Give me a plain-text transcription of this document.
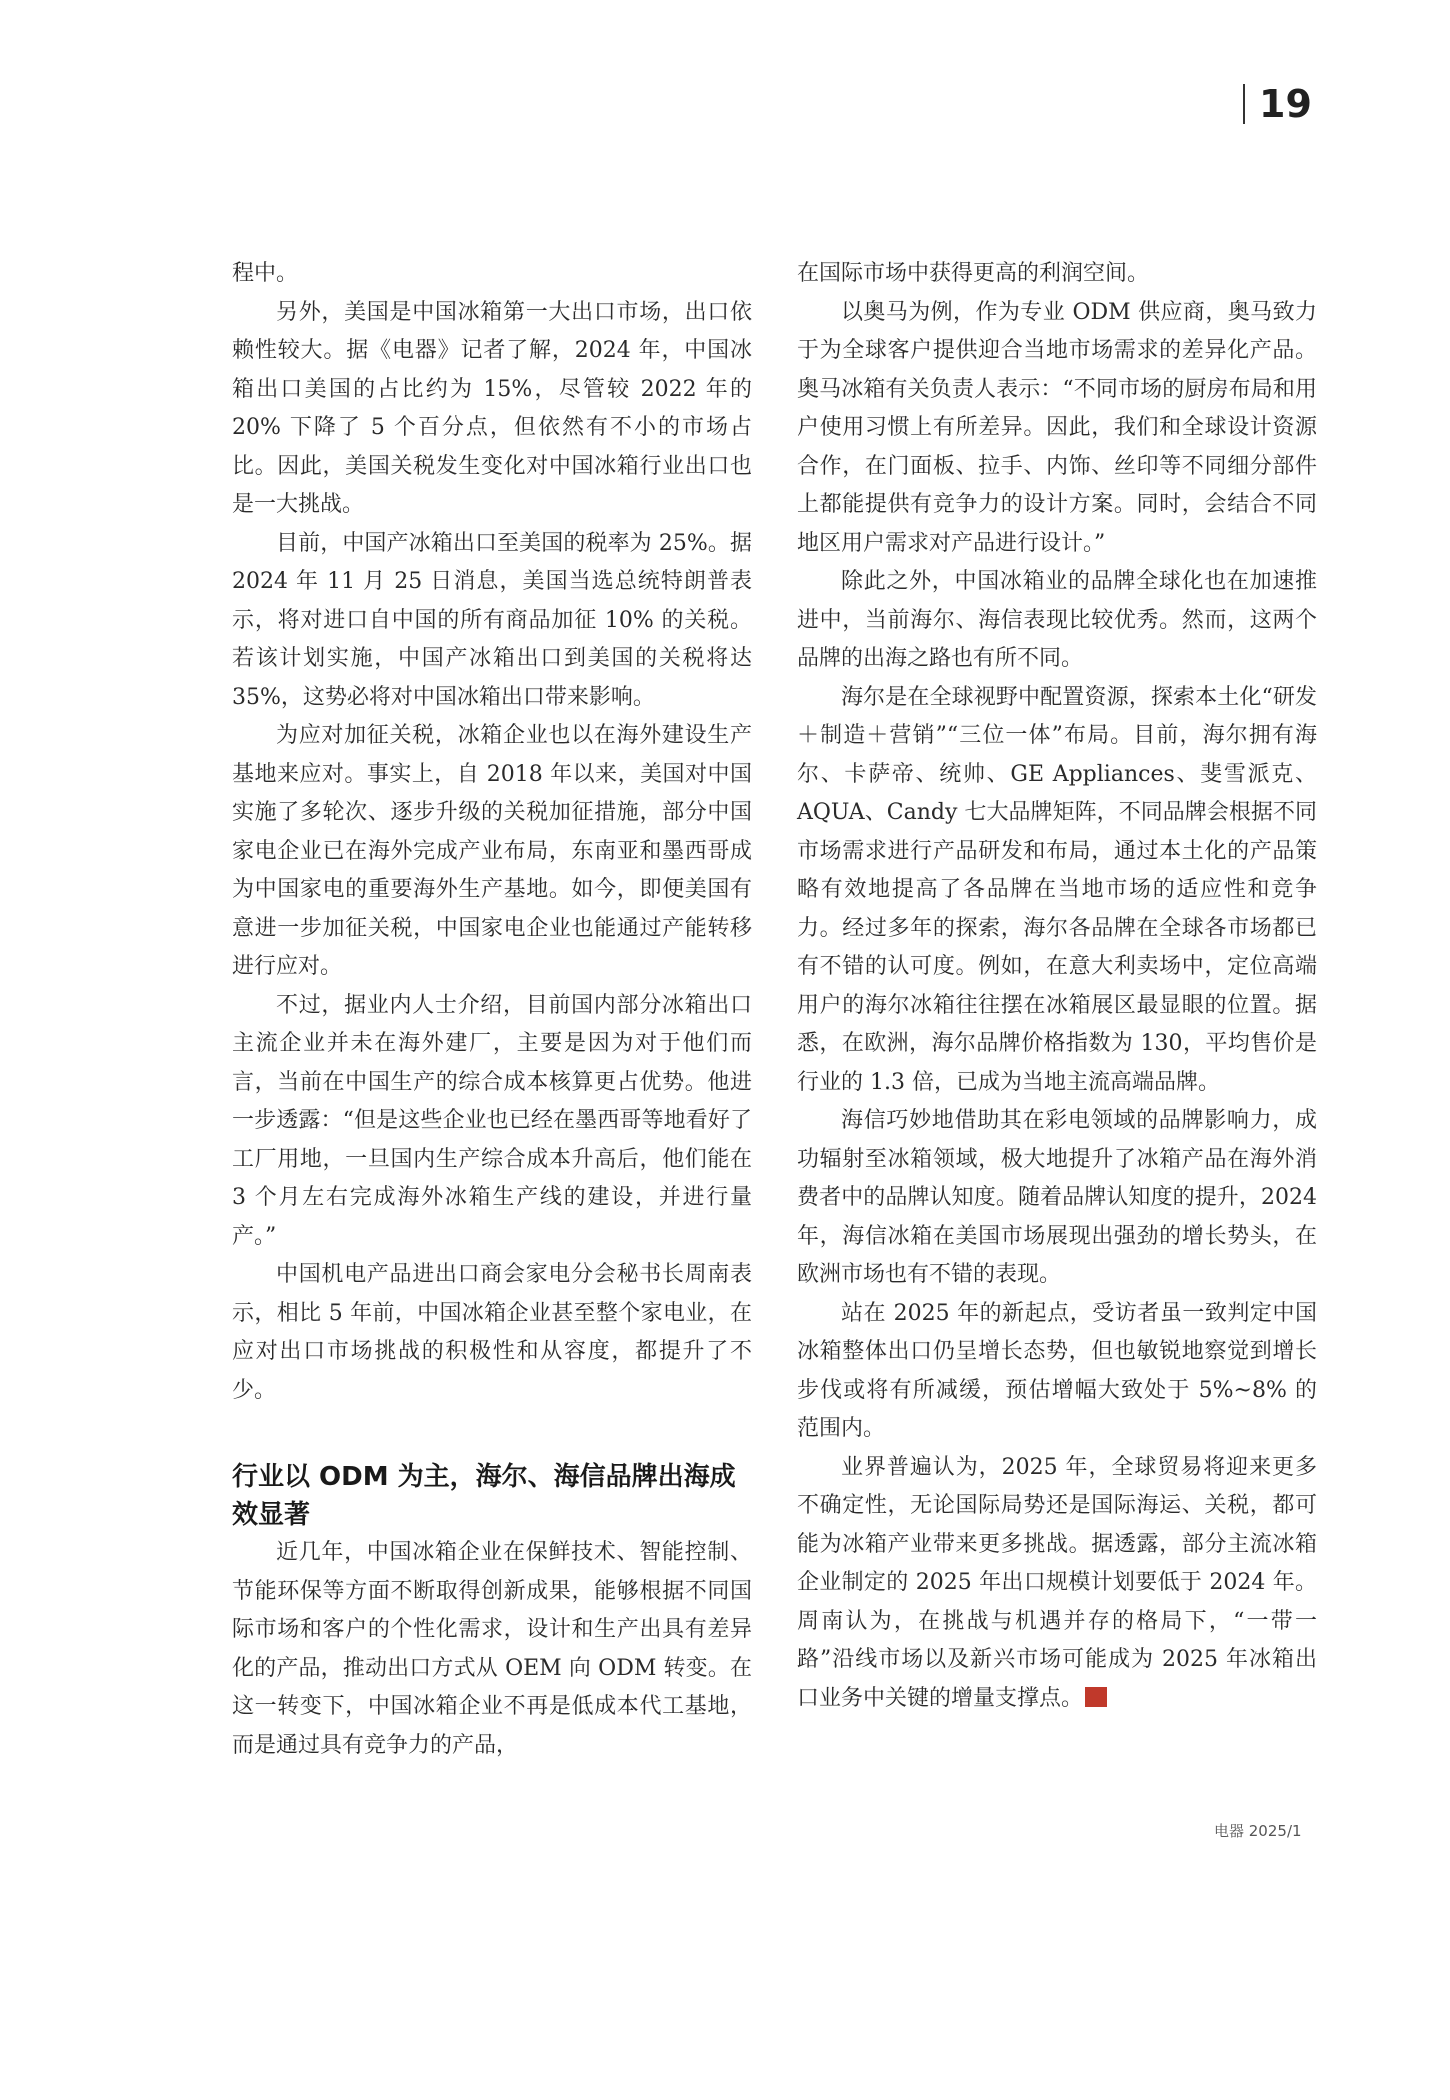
19

程中。

另外，美国是中国冰箱第一大出口市场，出口依赖性较大。据《电器》记者了解，2024 年，中国冰箱出口美国的占比约为 15%，尽管较 2022 年的 20% 下降了 5 个百分点，但依然有不小的市场占比。因此，美国关税发生变化对中国冰箱行业出口也是一大挑战。

目前，中国产冰箱出口至美国的税率为 25%。据 2024 年 11 月 25 日消息，美国当选总统特朗普表示，将对进口自中国的所有商品加征 10% 的关税。若该计划实施，中国产冰箱出口到美国的关税将达 35%，这势必将对中国冰箱出口带来影响。

为应对加征关税，冰箱企业也以在海外建设生产基地来应对。事实上，自 2018 年以来，美国对中国实施了多轮次、逐步升级的关税加征措施，部分中国家电企业已在海外完成产业布局，东南亚和墨西哥成为中国家电的重要海外生产基地。如今，即便美国有意进一步加征关税，中国家电企业也能通过产能转移进行应对。

不过，据业内人士介绍，目前国内部分冰箱出口主流企业并未在海外建厂，主要是因为对于他们而言，当前在中国生产的综合成本核算更占优势。他进一步透露：“但是这些企业也已经在墨西哥等地看好了工厂用地，一旦国内生产综合成本升高后，他们能在 3 个月左右完成海外冰箱生产线的建设，并进行量产。”

中国机电产品进出口商会家电分会秘书长周南表示，相比 5 年前，中国冰箱企业甚至整个家电业，在应对出口市场挑战的积极性和从容度，都提升了不少。

行业以 ODM 为主，海尔、海信品牌出海成效显著

近几年，中国冰箱企业在保鲜技术、智能控制、节能环保等方面不断取得创新成果，能够根据不同国际市场和客户的个性化需求，设计和生产出具有差异化的产品，推动出口方式从 OEM 向 ODM 转变。在这一转变下，中国冰箱企业不再是低成本代工基地，而是通过具有竞争力的产品，

在国际市场中获得更高的利润空间。

以奥马为例，作为专业 ODM 供应商，奥马致力于为全球客户提供迎合当地市场需求的差异化产品。奥马冰箱有关负责人表示：“不同市场的厨房布局和用户使用习惯上有所差异。因此，我们和全球设计资源合作，在门面板、拉手、内饰、丝印等不同细分部件上都能提供有竞争力的设计方案。同时，会结合不同地区用户需求对产品进行设计。”

除此之外，中国冰箱业的品牌全球化也在加速推进中，当前海尔、海信表现比较优秀。然而，这两个品牌的出海之路也有所不同。

海尔是在全球视野中配置资源，探索本土化“研发＋制造＋营销”“三位一体”布局。目前，海尔拥有海尔、卡萨帝、统帅、GE Appliances、斐雪派克、AQUA、Candy 七大品牌矩阵，不同品牌会根据不同市场需求进行产品研发和布局，通过本土化的产品策略有效地提高了各品牌在当地市场的适应性和竞争力。经过多年的探索，海尔各品牌在全球各市场都已有不错的认可度。例如，在意大利卖场中，定位高端用户的海尔冰箱往往摆在冰箱展区最显眼的位置。据悉，在欧洲，海尔品牌价格指数为 130，平均售价是行业的 1.3 倍，已成为当地主流高端品牌。

海信巧妙地借助其在彩电领域的品牌影响力，成功辐射至冰箱领域，极大地提升了冰箱产品在海外消费者中的品牌认知度。随着品牌认知度的提升，2024 年，海信冰箱在美国市场展现出强劲的增长势头，在欧洲市场也有不错的表现。

站在 2025 年的新起点，受访者虽一致判定中国冰箱整体出口仍呈增长态势，但也敏锐地察觉到增长步伐或将有所减缓，预估增幅大致处于 5%~8% 的范围内。

业界普遍认为，2025 年，全球贸易将迎来更多不确定性，无论国际局势还是国际海运、关税，都可能为冰箱产业带来更多挑战。据透露，部分主流冰箱企业制定的 2025 年出口规模计划要低于 2024 年。周南认为，在挑战与机遇并存的格局下，“一带一路”沿线市场以及新兴市场可能成为 2025 年冰箱出口业务中关键的增量支撑点。

电器 2025/1
